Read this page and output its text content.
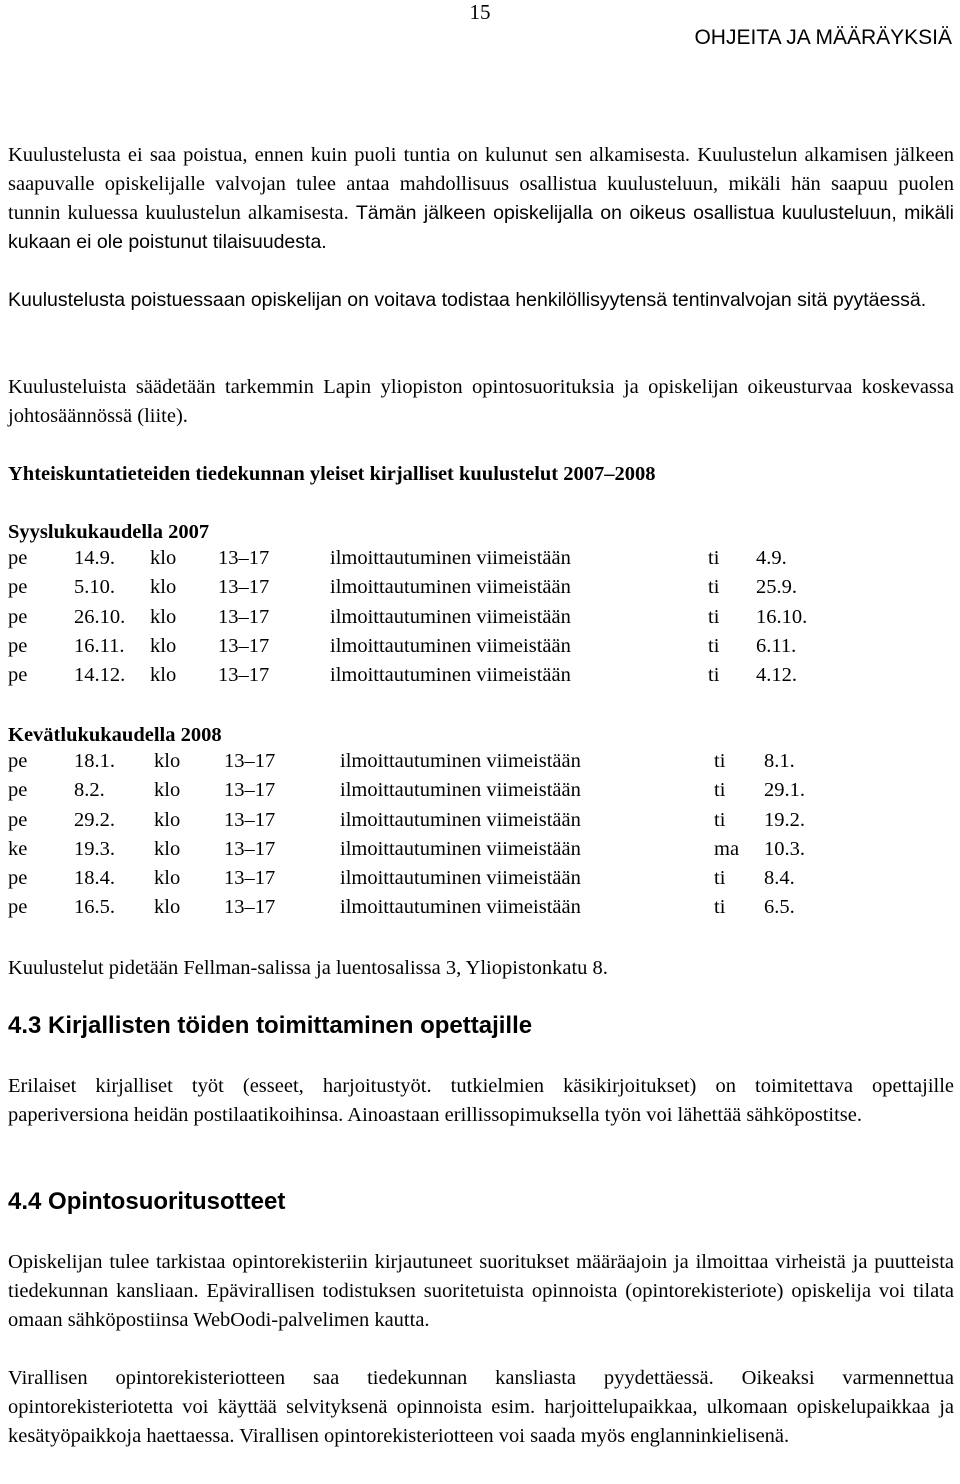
15
OHJEITA JA MÄÄRÄYKSIÄ

Kuulustelusta ei saa poistua, ennen kuin puoli tuntia on kulunut sen alkamisesta. Kuulustelun alkamisen jälkeen saapuvalle opiskelijalle valvojan tulee antaa mahdollisuus osallistua kuulusteluun, mikäli hän saapuu puolen tunnin kuluessa kuulustelun alkamisesta. Tämän jälkeen opiskelijalla on oikeus osallistua kuulusteluun, mikäli kukaan ei ole poistunut tilaisuudesta.

Kuulustelusta poistuessaan opiskelijan on voitava todistaa henkilöllisyytensä tentinvalvojan sitä pyytäessä.

Kuulusteluista säädetään tarkemmin Lapin yliopiston opintosuorituksia ja opiskelijan oikeusturvaa koskevassa johtosäännössä (liite).

Yhteiskuntatieteiden tiedekunnan yleiset kirjalliset kuulustelut 2007–2008

Syyslukukaudella 2007

pe 14.9. klo 13–17	ilmoittautuminen viimeistään	ti 4.9.
pe 5.10. klo 13–17	ilmoittautuminen viimeistään	ti 25.9.
pe 26.10. klo 13–17	ilmoittautuminen viimeistään	ti 16.10.
pe 16.11. klo 13–17	ilmoittautuminen viimeistään	ti 6.11.
pe 14.12. klo 13–17	ilmoittautuminen viimeistään	ti 4.12.

Kevätlukukaudella 2008

pe 18.1. klo 13–17	ilmoittautuminen viimeistään	ti 8.1.
pe 8.2. klo 13–17	ilmoittautuminen viimeistään	ti 29.1.
pe 29.2. klo 13–17	ilmoittautuminen viimeistään	ti 19.2.
ke 19.3. klo 13–17	ilmoittautuminen viimeistään	ma 10.3.
pe 18.4. klo 13–17	ilmoittautuminen viimeistään	ti 8.4.
pe 16.5. klo 13–17	ilmoittautuminen viimeistään	ti 6.5.

Kuulustelut pidetään Fellman-salissa ja luentosalissa 3, Yliopistonkatu 8.

4.3 Kirjallisten töiden toimittaminen opettajille

Erilaiset kirjalliset työt (esseet, harjoitustyöt. tutkielmien käsikirjoitukset) on toimitettava opettajille paperiversiona heidän postilaatikoihinsa. Ainoastaan erillissopimuksella työn voi lähettää sähköpostitse.

4.4 Opintosuoritusotteet

Opiskelijan tulee tarkistaa opintorekisteriin kirjautuneet suoritukset määräajoin ja ilmoittaa virheistä ja puutteista tiedekunnan kansliaan. Epävirallisen todistuksen suoritetuista opinnoista (opintorekisteriote) opiskelija voi tilata omaan sähköpostiinsa WebOodi-palvelimen kautta.

Virallisen opintorekisteriotteen saa tiedekunnan kansliasta pyydettäessä. Oikeaksi varmennettua opintorekisteriotetta voi käyttää selvityksenä opinnoista esim. harjoittelupaikkaa, ulkomaan opiskelupaikkaa ja kesätyöpaikkoja haettaessa. Virallisen opintorekisteriotteen voi saada myös englanninkielisenä.
